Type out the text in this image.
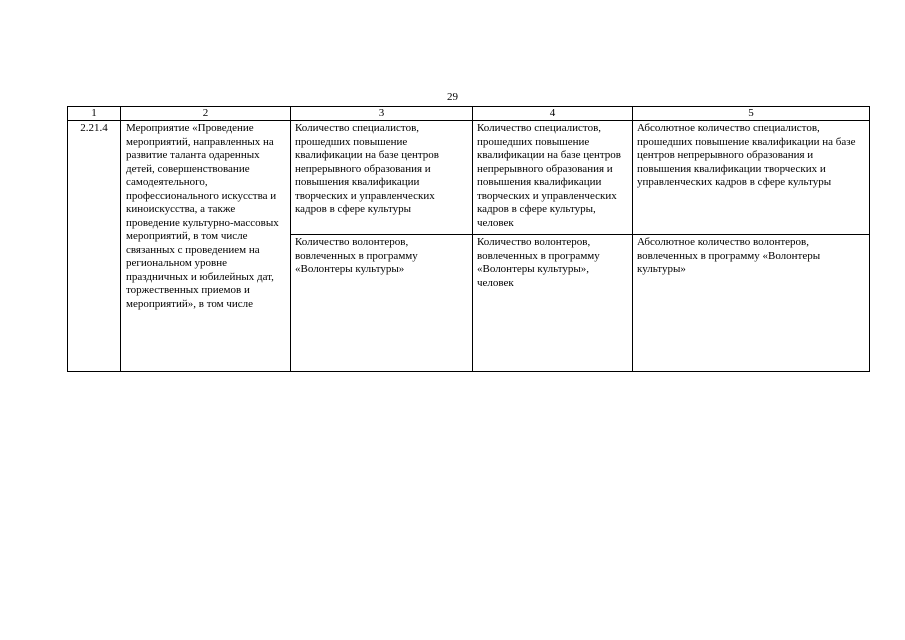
29
1	2	3	4	5
2.21.4	Мероприятие «Проведение мероприятий, направленных на развитие таланта одаренных детей, совершенствование самодеятельного, профессионального искусства и киноискусства, а также проведение культурно-массовых мероприятий, в том числе связанных с проведением на региональном уровне праздничных и юбилейных дат, торжественных приемов и мероприятий», в том числе	Количество специалистов, прошедших повышение квалификации на базе центров непрерывного образования и повышения квалификации творческих и управленческих кадров в сфере культуры	Количество специалистов, прошедших повышение квалификации на базе центров непрерывного образования и повышения квалификации творческих и управленческих кадров в сфере культуры, человек	Абсолютное количество специалистов, прошедших повышение квалификации на базе центров непрерывного образования и повышения квалификации творческих и управленческих кадров в сфере культуры
		Количество волонтеров, вовлеченных в программу «Волонтеры культуры»	Количество волонтеров, вовлеченных в программу «Волонтеры культуры», человек	Абсолютное количество волонтеров, вовлеченных в программу «Волонтеры культуры»
